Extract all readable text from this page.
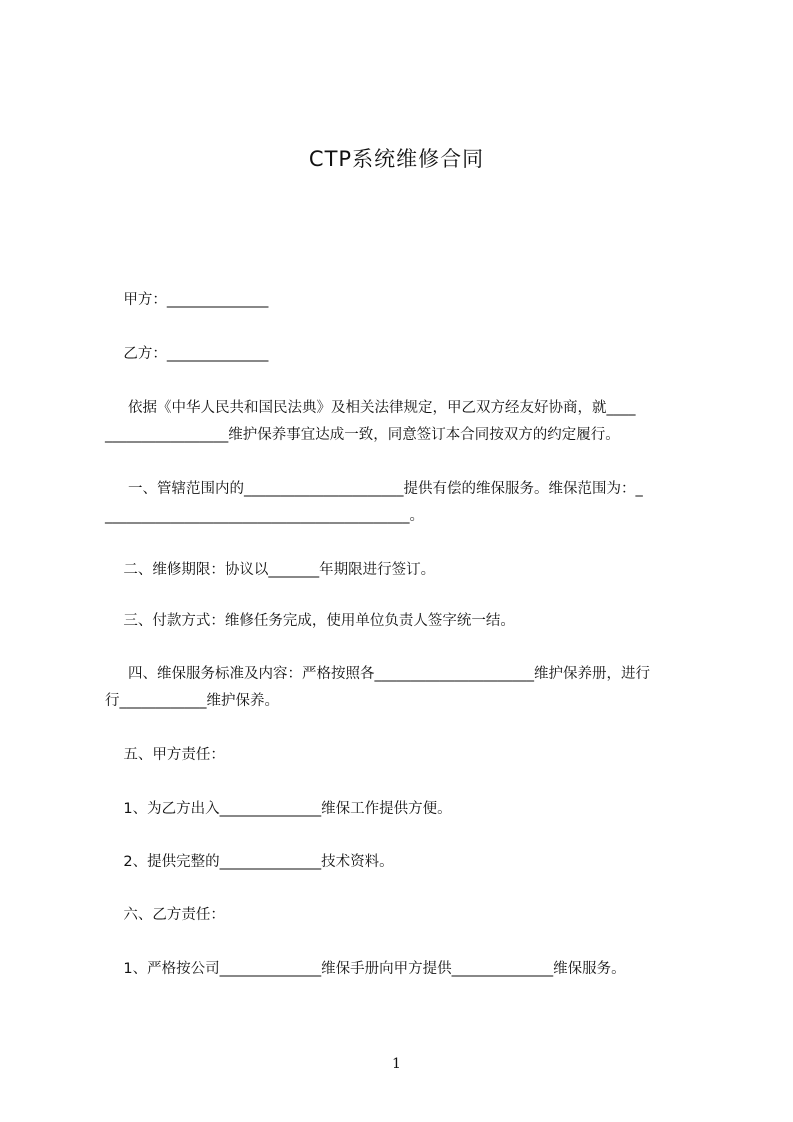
CTP系统维修合同
甲方：______________
乙方：______________
依据《中华人民共和国民法典》及相关法律规定，甲乙双方经友好协商，就____
_________________维护保养事宜达成一致，同意签订本合同按双方的约定履行。
一、管辖范围内的______________________提供有偿的维保服务。维保范围为：_
__________________________________________。
二、维修期限：协议以_______年期限进行签订。
三、付款方式：维修任务完成，使用单位负责人签字统一结。
四、维保服务标准及内容：严格按照各______________________维护保养册，进行
行____________维护保养。
五、甲方责任：
1、为乙方出入______________维保工作提供方便。
2、提供完整的______________技术资料。
六、乙方责任：
1、严格按公司______________维保手册向甲方提供______________维保服务。
1
